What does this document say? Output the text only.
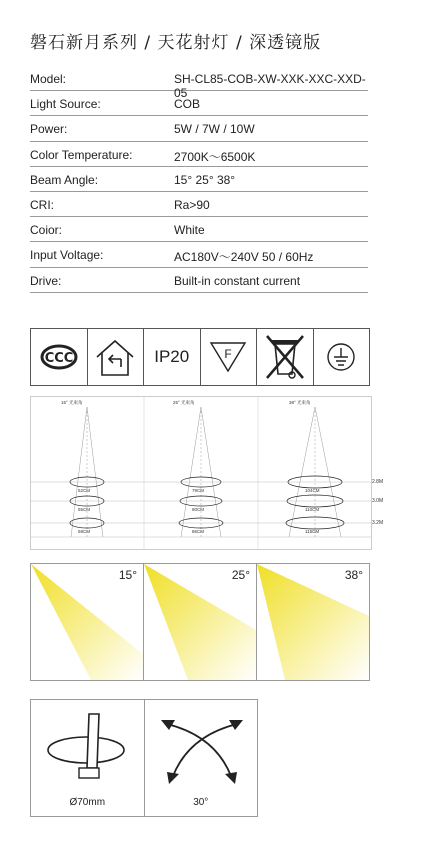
磐石新月系列 / 天花射灯 / 深透镜版
Model:	SH-CL85-COB-XW-XXK-XXC-XXD-05
Light Source:	COB
Power:	5W / 7W / 10W
Color Temperature:	2700K～6500K
Beam Angle:	15° 25° 38°
CRI:	Ra>90
Coior:	White
Input Voltage:	AC180V～240V 50 / 60Hz
Drive:	Built-in constant current
CCC	IP20	F
15° 光束角	25° 光束角	38° 光束角
52CM
55CM
58CM
79CM
80CM
86CM
104CM
110CM
115CM
2.8M
3.0M
3.2M
15°	25°	38°
Ø70mm	30°
